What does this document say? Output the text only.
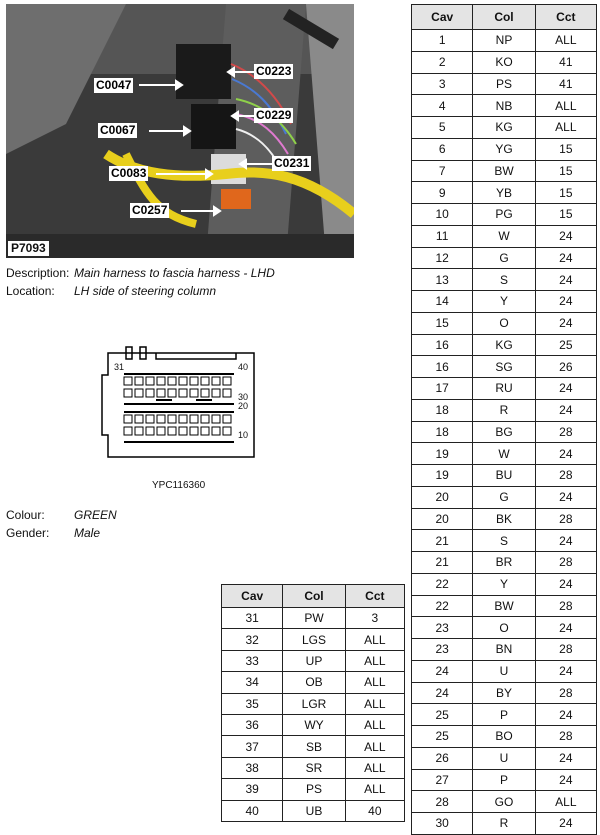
C0047
C0223
C0229
C0067
C0231
C0083
C0257
P7093
Description: Main harness to fascia harness - LHD
Location: LH side of steering column
31	40
30
20
10
YPC116360
Colour: GREEN
Gender: Male
Cav	Col	Cct
1	NP	ALL
2	KO	41
3	PS	41
4	NB	ALL
5	KG	ALL
6	YG	15
7	BW	15
9	YB	15
10	PG	15
11	W	24
12	G	24
13	S	24
14	Y	24
15	O	24
16	KG	25
16	SG	26
17	RU	24
18	R	24
18	BG	28
19	W	24
19	BU	28
20	G	24
20	BK	28
21	S	24
21	BR	28
22	Y	24
22	BW	28
23	O	24
23	BN	28
24	U	24
24	BY	28
25	P	24
25	BO	28
26	U	24
27	P	24
28	GO	ALL
30	R	24
Cav	Col	Cct
31	PW	3
32	LGS	ALL
33	UP	ALL
34	OB	ALL
35	LGR	ALL
36	WY	ALL
37	SB	ALL
38	SR	ALL
39	PS	ALL
40	UB	40
